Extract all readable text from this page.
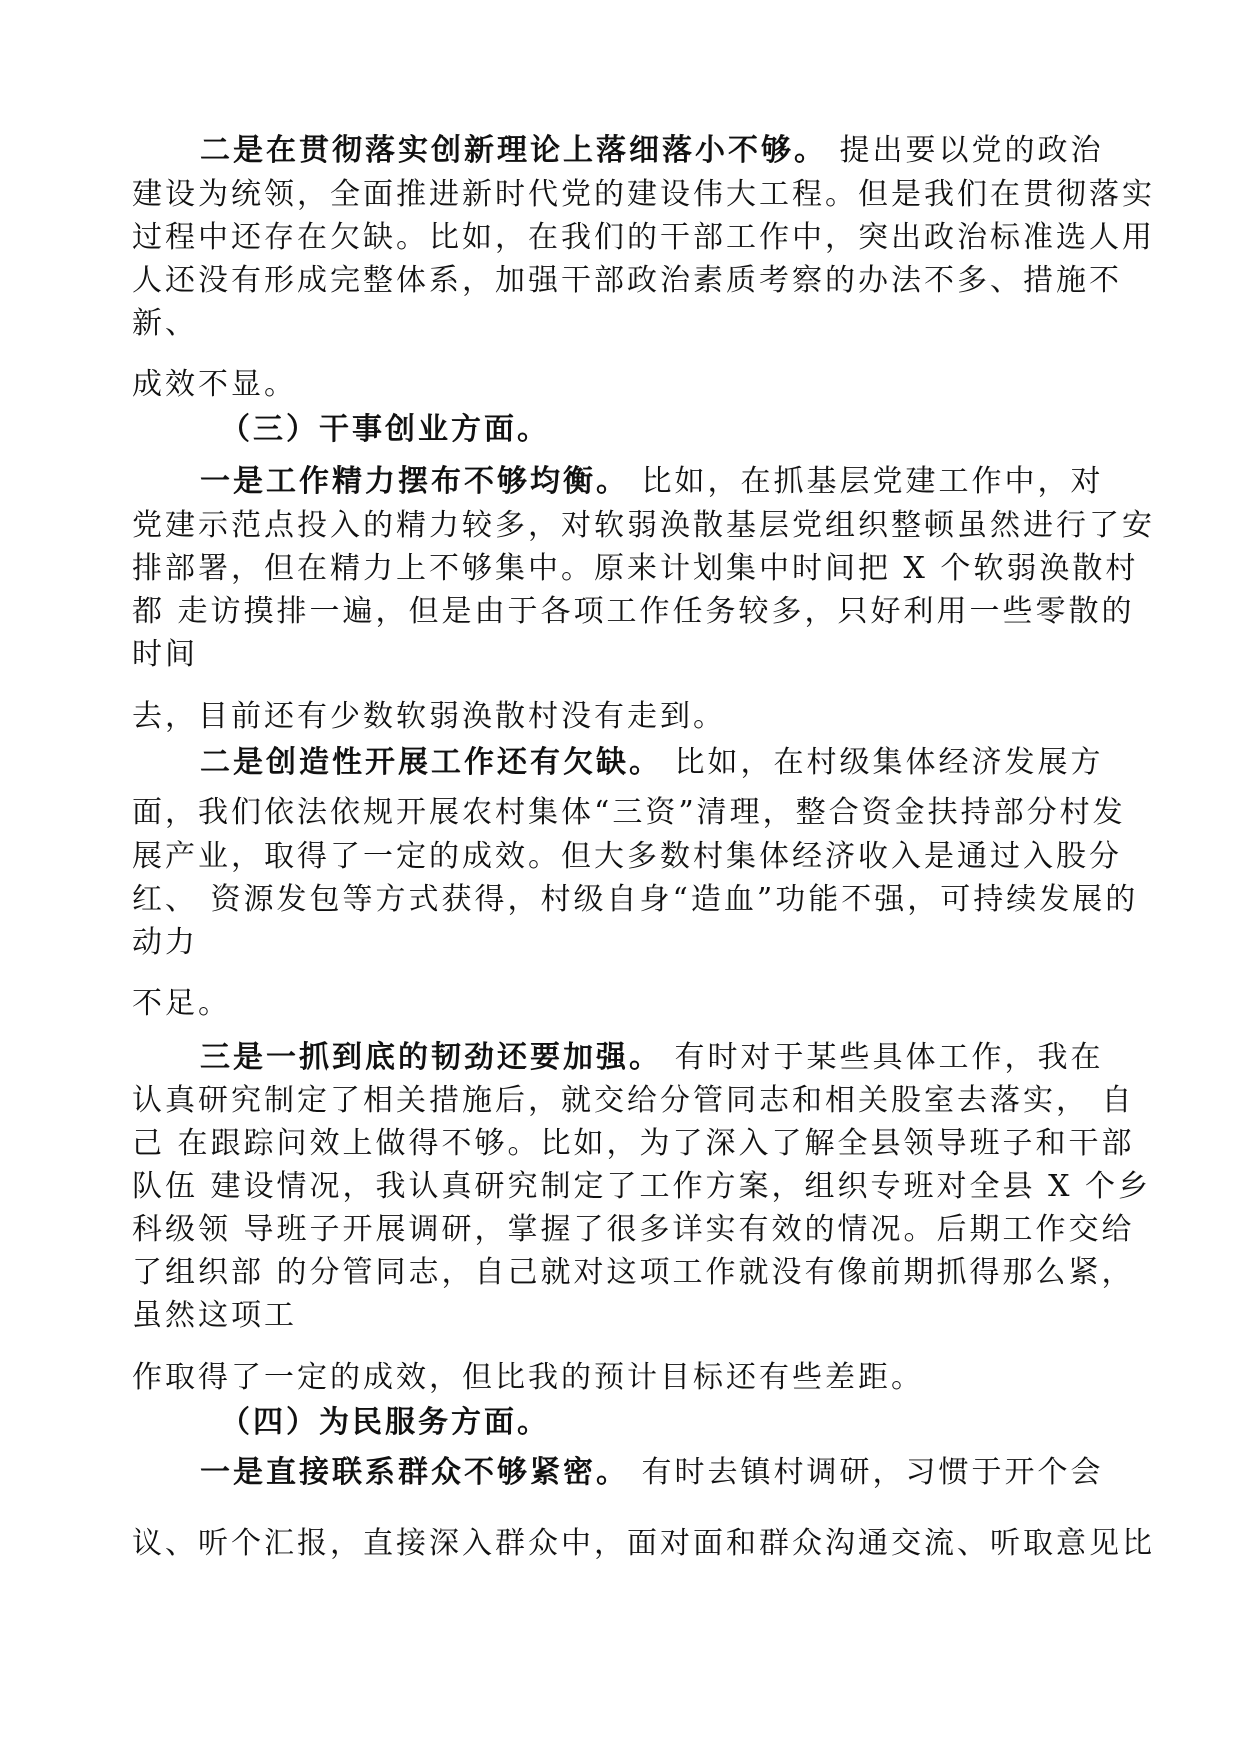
二是在贯彻落实创新理论上落细落小不够。 提出要以党的政治
建设为统领，全面推进新时代党的建设伟大工程。但是我们在贯彻落实
过程中还存在欠缺。比如，在我们的干部工作中，突出政治标准选人用
人还没有形成完整体系，加强干部政治素质考察的办法不多、措施不
新、
成效不显。
（三）干事创业方面。
一是工作精力摆布不够均衡。 比如，在抓基层党建工作中，对
党建示范点投入的精力较多，对软弱涣散基层党组织整顿虽然进行了安
排部署，但在精力上不够集中。原来计划集中时间把 X 个软弱涣散村
都 走访摸排一遍，但是由于各项工作任务较多，只好利用一些零散的
时间
去，目前还有少数软弱涣散村没有走到。
二是创造性开展工作还有欠缺。 比如，在村级集体经济发展方
面，我们依法依规开展农村集体“三资”清理，整合资金扶持部分村发
展产业，取得了一定的成效。但大多数村集体经济收入是通过入股分
红、 资源发包等方式获得，村级自身“造血”功能不强，可持续发展的
动力
不足。
三是一抓到底的韧劲还要加强。 有时对于某些具体工作，我在
认真研究制定了相关措施后，就交给分管同志和相关股室去落实， 自
己 在跟踪问效上做得不够。比如，为了深入了解全县领导班子和干部
队伍 建设情况，我认真研究制定了工作方案，组织专班对全县 X 个乡
科级领 导班子开展调研，掌握了很多详实有效的情况。后期工作交给
了组织部 的分管同志，自己就对这项工作就没有像前期抓得那么紧，
虽然这项工
作取得了一定的成效，但比我的预计目标还有些差距。
（四）为民服务方面。
一是直接联系群众不够紧密。 有时去镇村调研，习惯于开个会
议、听个汇报，直接深入群众中，面对面和群众沟通交流、听取意见比
